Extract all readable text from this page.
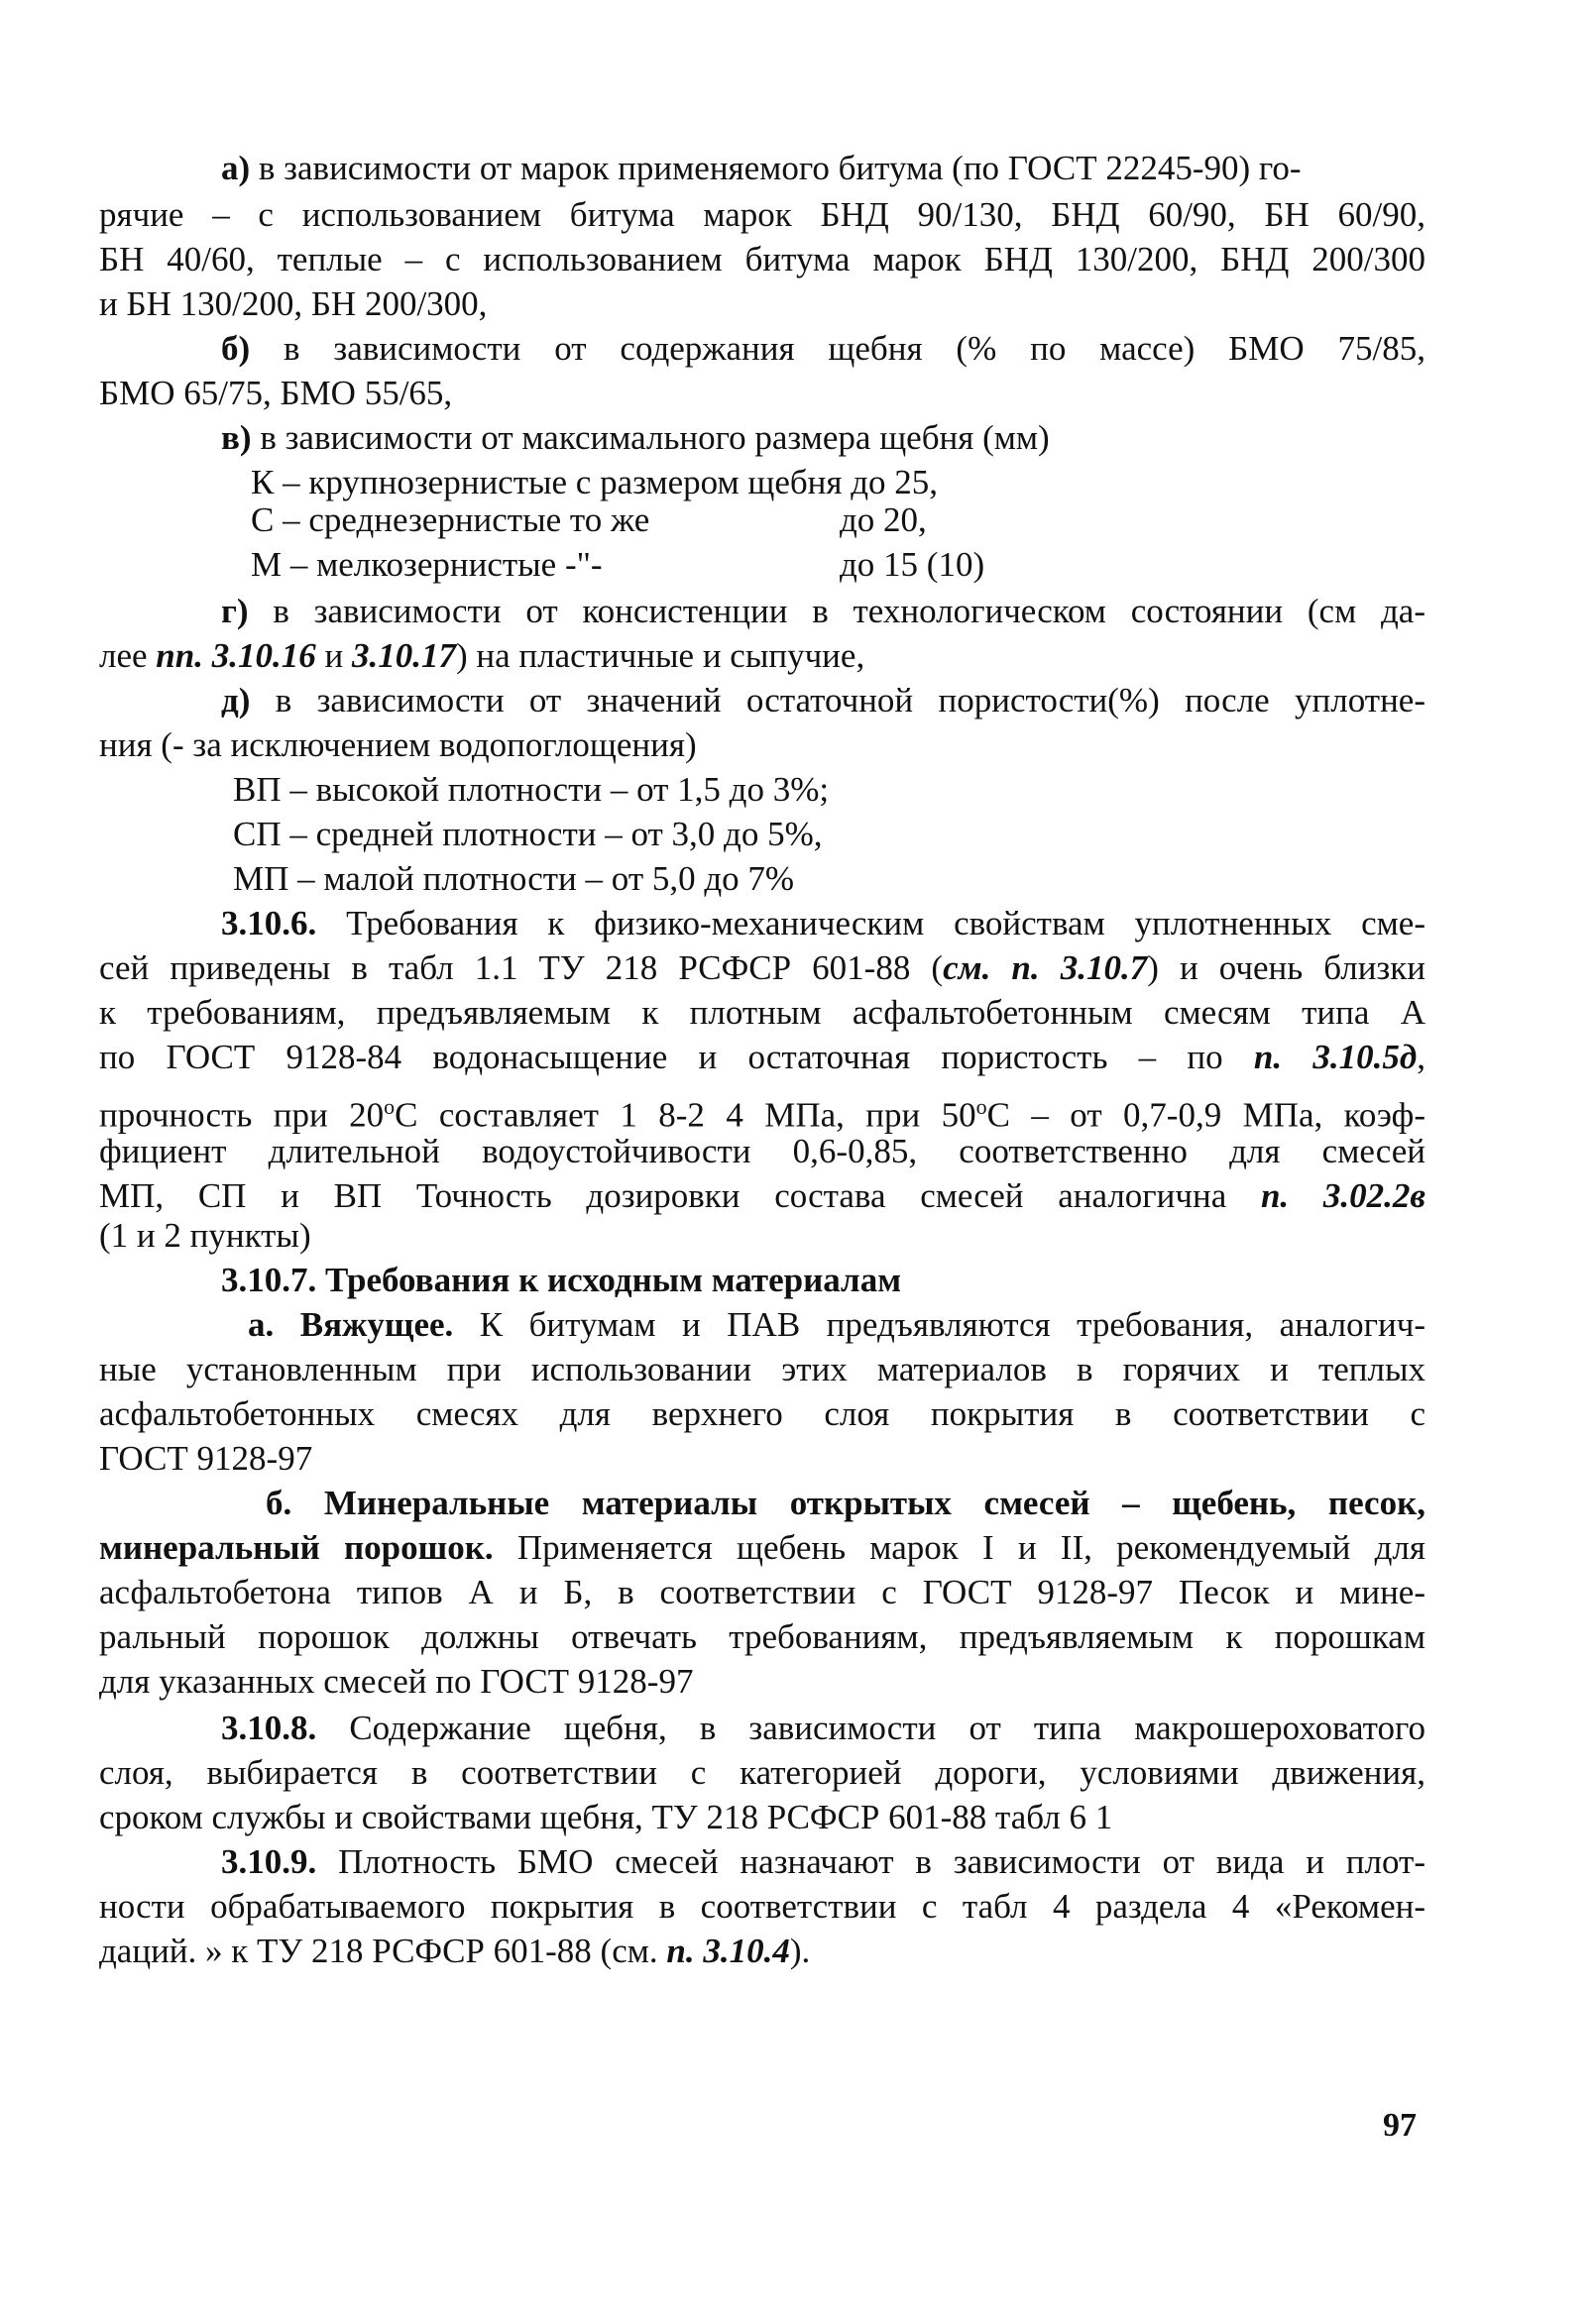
а) в зависимости от марок применяемого битума (по ГОСТ 22245-90) го-

рячие – с использованием битума марок БНД 90/130, БНД 60/90, БН 60/90,

БН 40/60, теплые – с использованием битума марок БНД 130/200, БНД 200/300

и БН 130/200, БН 200/300,

б) в зависимости от содержания щебня (% по массе) БМО 75/85,

БМО 65/75, БМО 55/65,

в) в зависимости от максимального размера щебня (мм)

К – крупнозернистые с размером щебня до 25,

С – среднезернистые то же	до 20,
М – мелкозернистые -"-	до 15 (10)

г) в зависимости от консистенции в технологическом состоянии (см да-

лее пп. 3.10.16 и 3.10.17) на пластичные и сыпучие,

д) в зависимости от значений остаточной пористости(%) после уплотне-

ния (- за исключением водопоглощения)

ВП – высокой плотности – от 1,5 до 3%;

СП – средней плотности – от 3,0 до 5%,

МП – малой плотности – от 5,0 до 7%

3.10.6. Требования к физико-механическим свойствам уплотненных сме-

сей приведены в табл 1.1 ТУ 218 РСФСР 601-88 (см. п. 3.10.7) и очень близки

к требованиям, предъявляемым к плотным асфальтобетонным смесям типа А

по ГОСТ 9128-84 водонасыщение и остаточная пористость – по п. 3.10.5д,

прочность при $20^оС$ составляет 1 8-2 4 МПа, при $50^оС$ – от 0,7-0,9 МПа, коэф-

фициент длительной водоустойчивости 0,6-0,85, соответственно для смесей

МП, СП и ВП Точность дозировки состава смесей аналогична п. 3.02.2в

(1 и 2 пункты)

3.10.7. Требования к исходным материалам

а. Вяжущее. К битумам и ПАВ предъявляются требования, аналогич-

ные установленным при использовании этих материалов в горячих и теплых

асфальтобетонных смесях для верхнего слоя покрытия в соответствии с

ГОСТ 9128-97

б. Минеральные материалы открытых смесей – щебень, песок,

минеральный порошок. Применяется щебень марок I и II, рекомендуемый для

асфальтобетона типов А и Б, в соответствии с ГОСТ 9128-97 Песок и мине-

ральный порошок должны отвечать требованиям, предъявляемым к порошкам

для указанных смесей по ГОСТ 9128-97

3.10.8. Содержание щебня, в зависимости от типа макрошероховатого

слоя, выбирается в соответствии с категорией дороги, условиями движения,

сроком службы и свойствами щебня, ТУ 218 РСФСР 601-88 табл 6 1

3.10.9. Плотность БМО смесей назначают в зависимости от вида и плот-

ности обрабатываемого покрытия в соответствии с табл 4 раздела 4 «Рекомен-

даций. » к ТУ 218 РСФСР 601-88 (см. п. 3.10.4).

97
